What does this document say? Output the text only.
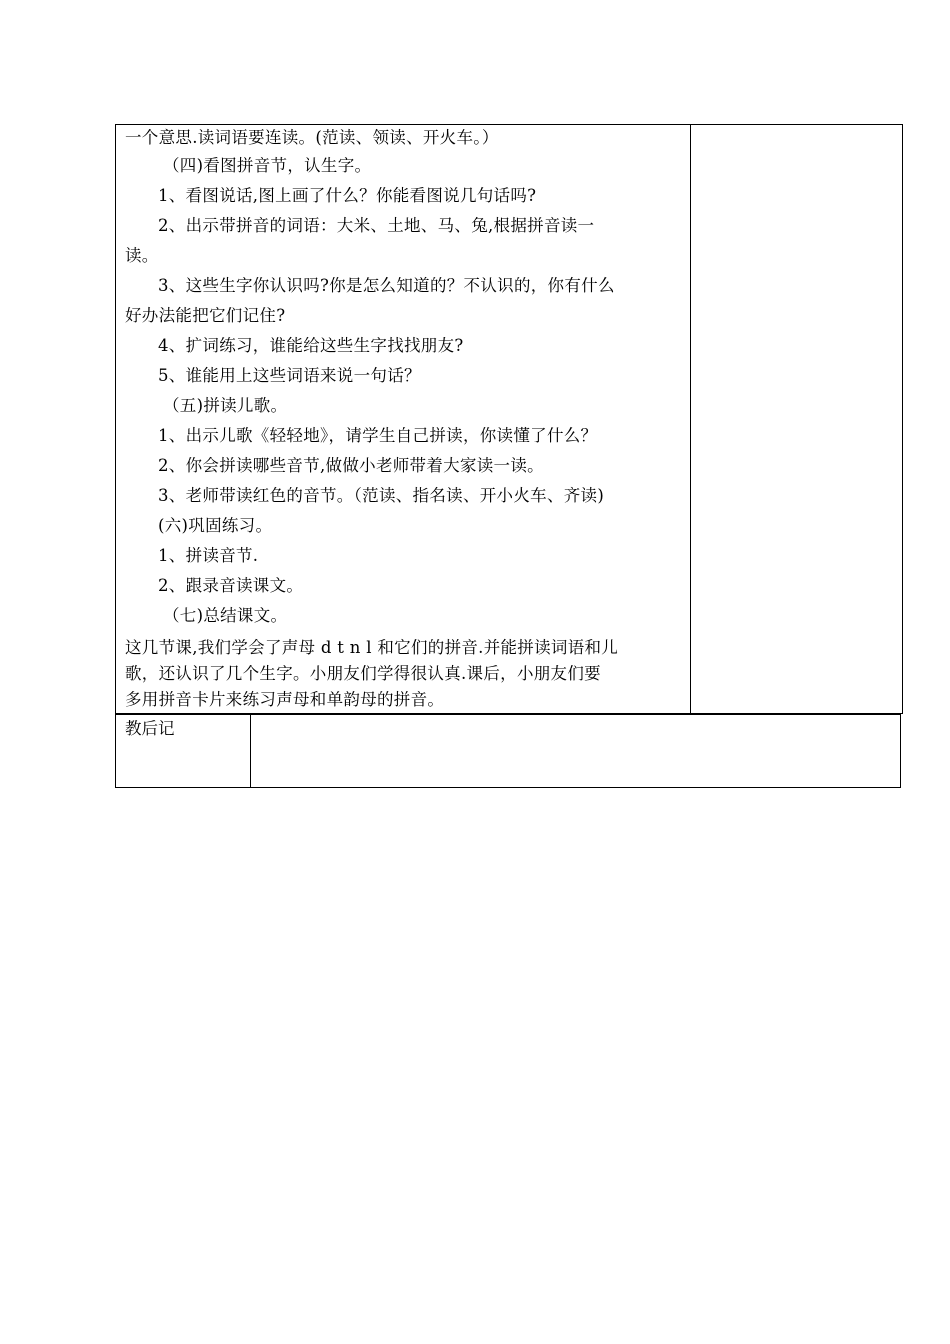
一个意思.读词语要连读。(范读、领读、开火车。）
（四)看图拼音节，认生字。
1、看图说话,图上画了什么？你能看图说几句话吗?
2、出示带拼音的词语：大米、土地、马、兔,根据拼音读一
读。
3、这些生字你认识吗?你是怎么知道的？不认识的，你有什么
好办法能把它们记住?
4、扩词练习，谁能给这些生字找找朋友?
5、谁能用上这些词语来说一句话？
（五)拼读儿歌。
1、出示儿歌《轻轻地》，请学生自己拼读，你读懂了什么？
2、你会拼读哪些音节,做做小老师带着大家读一读。
3、老师带读红色的音节。（范读、指名读、开小火车、齐读)
(六)巩固练习。
1、拼读音节.
2、跟录音读课文。
（七)总结课文。
这几节课,我们学会了声母 d t n l 和它们的拼音.并能拼读词语和儿
歌，还认识了几个生字。小朋友们学得很认真.课后，小朋友们要
多用拼音卡片来练习声母和单韵母的拼音。

教后记	
